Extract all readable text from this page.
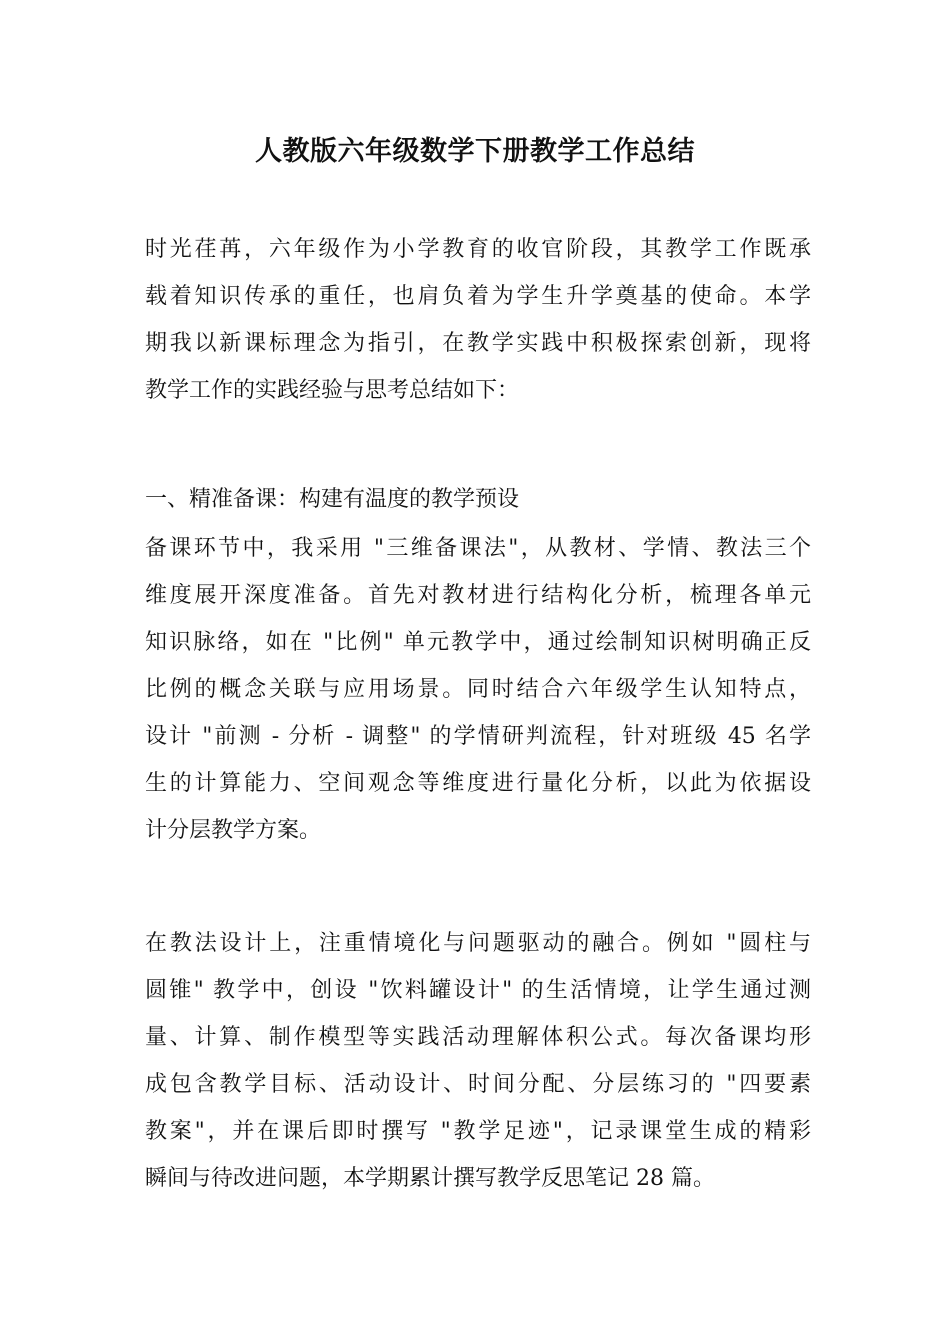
人教版六年级数学下册教学工作总结
时光荏苒，六年级作为小学教育的收官阶段，其教学工作既承
载着知识传承的重任，也肩负着为学生升学奠基的使命。本学
期我以新课标理念为指引，在教学实践中积极探索创新，现将
教学工作的实践经验与思考总结如下：
一、精准备课：构建有温度的教学预设
备课环节中，我采用 "三维备课法"，从教材、学情、教法三个
维度展开深度准备。首先对教材进行结构化分析，梳理各单元
知识脉络，如在 "比例" 单元教学中，通过绘制知识树明确正反
比例的概念关联与应用场景。同时结合六年级学生认知特点，
设计 "前测 - 分析 - 调整" 的学情研判流程，针对班级 45 名学
生的计算能力、空间观念等维度进行量化分析，以此为依据设
计分层教学方案。
在教法设计上，注重情境化与问题驱动的融合。例如 "圆柱与
圆锥" 教学中，创设 "饮料罐设计" 的生活情境，让学生通过测
量、计算、制作模型等实践活动理解体积公式。每次备课均形
成包含教学目标、活动设计、时间分配、分层练习的 "四要素
教案"，并在课后即时撰写 "教学足迹"，记录课堂生成的精彩
瞬间与待改进问题，本学期累计撰写教学反思笔记 28 篇。
